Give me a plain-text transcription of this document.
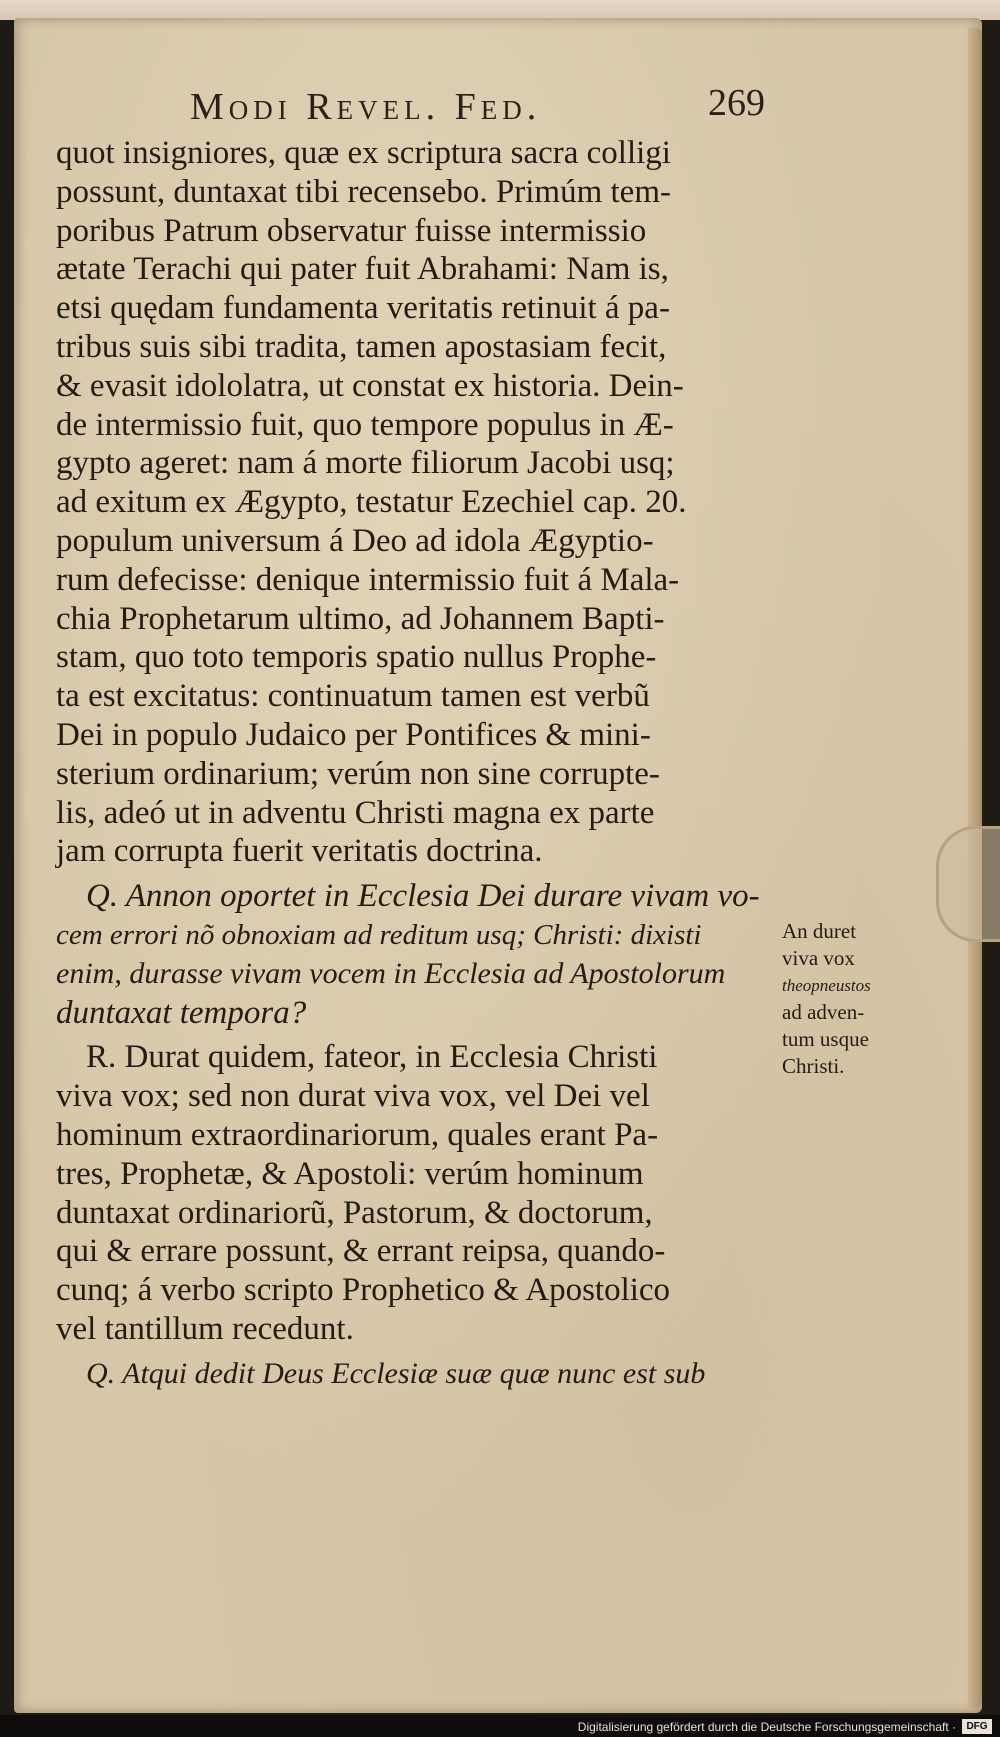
Modi Revel. Fed.	269
quot insigniores, quæ ex scriptura sacra colligi
possunt, duntaxat tibi recensebo. Primúm tem-
poribus Patrum observatur fuisse intermissio
ætate Terachi qui pater fuit Abrahami: Nam is,
etsi quędam fundamenta veritatis retinuit á pa-
tribus suis sibi tradita, tamen apostasiam fecit,
& evasit idololatra, ut constat ex historia. Dein-
de intermissio fuit, quo tempore populus in Æ-
gypto ageret: nam á morte filiorum Jacobi usq;
ad exitum ex Ægypto, testatur Ezechiel cap. 20.
populum universum á Deo ad idola Ægyptio-
rum defecisse: denique intermissio fuit á Mala-
chia Prophetarum ultimo, ad Johannem Bapti-
stam, quo toto temporis spatio nullus Prophe-
ta est excitatus: continuatum tamen est verbũ
Dei in populo Judaico per Pontifices & mini-
sterium ordinarium; verúm non sine corrupte-
lis, adeó ut in adventu Christi magna ex parte
jam corrupta fuerit veritatis doctrina.
Q. Annon oportet in Ecclesia Dei durare vivam vo-
cem errori nõ obnoxiam ad reditum usq; Christi: dixisti
enim, durasse vivam vocem in Ecclesia ad Apostolorum
duntaxat tempora?
R. Durat quidem, fateor, in Ecclesia Christi
viva vox; sed non durat viva vox, vel Dei vel
hominum extraordinariorum, quales erant Pa-
tres, Prophetæ, & Apostoli: verúm hominum
duntaxat ordinariorũ, Pastorum, & doctorum,
qui & errare possunt, & errant reipsa, quando-
cunq; á verbo scripto Prophetico & Apostolico
vel tantillum recedunt.
Q. Atqui dedit Deus Ecclesiæ suæ quæ nunc est sub
An duret
viva vox
theopneustos
ad adven-
tum usque
Christi.
Digitalisierung gefördert durch die Deutsche Forschungsgemeinschaft ·	DFG
